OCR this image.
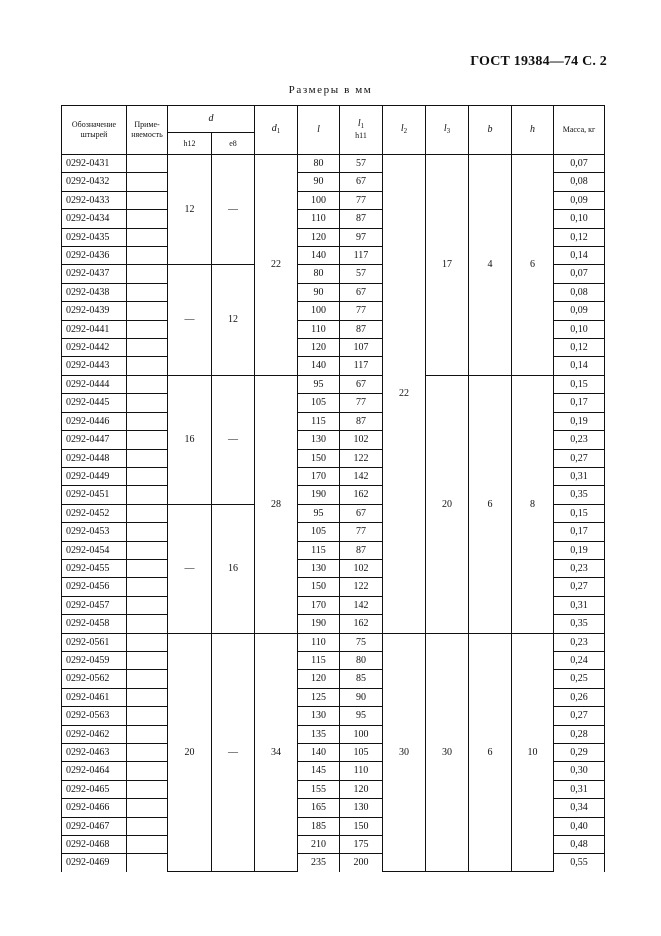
ГОСТ 19384—74 С. 2
Размеры в мм
Обозначение штырей	Приме- няемость	d		$d_1$	l	$l_1$
h11	$l_2$	$l_3$	b	h	Масса, кг
		h12	e8								
0292-0431		12	—	22	80	57	22	17	4	6	0,07
0292-0432					90	67					0,08
0292-0433					100	77					0,09
0292-0434					110	87					0,10
0292-0435					120	97					0,12
0292-0436					140	117					0,14
0292-0437		—	12		80	57					0,07
0292-0438					90	67					0,08
0292-0439					100	77					0,09
0292-0441					110	87					0,10
0292-0442					120	107					0,12
0292-0443					140	117					0,14
0292-0444		16	—	28	95	67		20	6	8	0,15
0292-0445					105	77					0,17
0292-0446					115	87					0,19
0292-0447					130	102					0,23
0292-0448					150	122					0,27
0292-0449					170	142					0,31
0292-0451					190	162					0,35
0292-0452		—	16		95	67					0,15
0292-0453					105	77					0,17
0292-0454					115	87					0,19
0292-0455					130	102					0,23
0292-0456					150	122					0,27
0292-0457					170	142					0,31
0292-0458					190	162					0,35
0292-0561		20	—	34	110	75	30	30	6	10	0,23
0292-0459					115	80					0,24
0292-0562					120	85					0,25
0292-0461					125	90					0,26
0292-0563					130	95					0,27
0292-0462					135	100					0,28
0292-0463					140	105					0,29
0292-0464					145	110					0,30
0292-0465					155	120					0,31
0292-0466					165	130					0,34
0292-0467					185	150					0,40
0292-0468					210	175					0,48
0292-0469					235	200					0,55
